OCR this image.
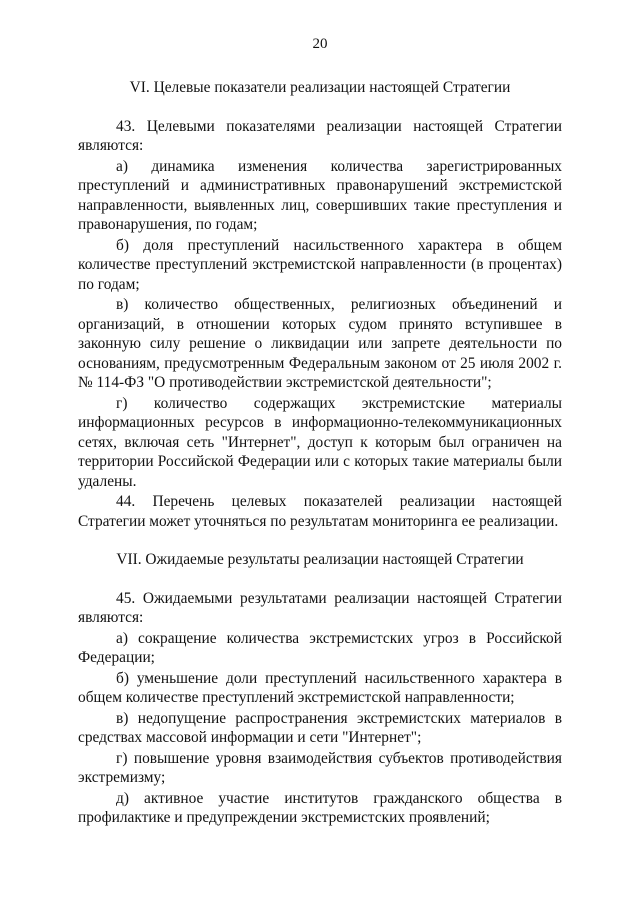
20

VI. Целевые показатели реализации настоящей Стратегии

43. Целевыми показателями реализации настоящей Стратегии являются:

а) динамика изменения количества зарегистрированных преступлений и административных правонарушений экстремистской направленности, выявленных лиц, совершивших такие преступления и правонарушения, по годам;

б) доля преступлений насильственного характера в общем количестве преступлений экстремистской направленности (в процентах) по годам;

в) количество общественных, религиозных объединений и организаций, в отношении которых судом принято вступившее в законную силу решение о ликвидации или запрете деятельности по основаниям, предусмотренным Федеральным законом от 25 июля 2002 г. № 114-ФЗ "О противодействии экстремистской деятельности";

г) количество содержащих экстремистские материалы информационных ресурсов в информационно-телекоммуникационных сетях, включая сеть "Интернет", доступ к которым был ограничен на территории Российской Федерации или с которых такие материалы были удалены.

44. Перечень целевых показателей реализации настоящей Стратегии может уточняться по результатам мониторинга ее реализации.

VII. Ожидаемые результаты реализации настоящей Стратегии

45. Ожидаемыми результатами реализации настоящей Стратегии являются:

а) сокращение количества экстремистских угроз в Российской Федерации;

б) уменьшение доли преступлений насильственного характера в общем количестве преступлений экстремистской направленности;

в) недопущение распространения экстремистских материалов в средствах массовой информации и сети "Интернет";

г) повышение уровня взаимодействия субъектов противодействия экстремизму;

д) активное участие институтов гражданского общества в профилактике и предупреждении экстремистских проявлений;
